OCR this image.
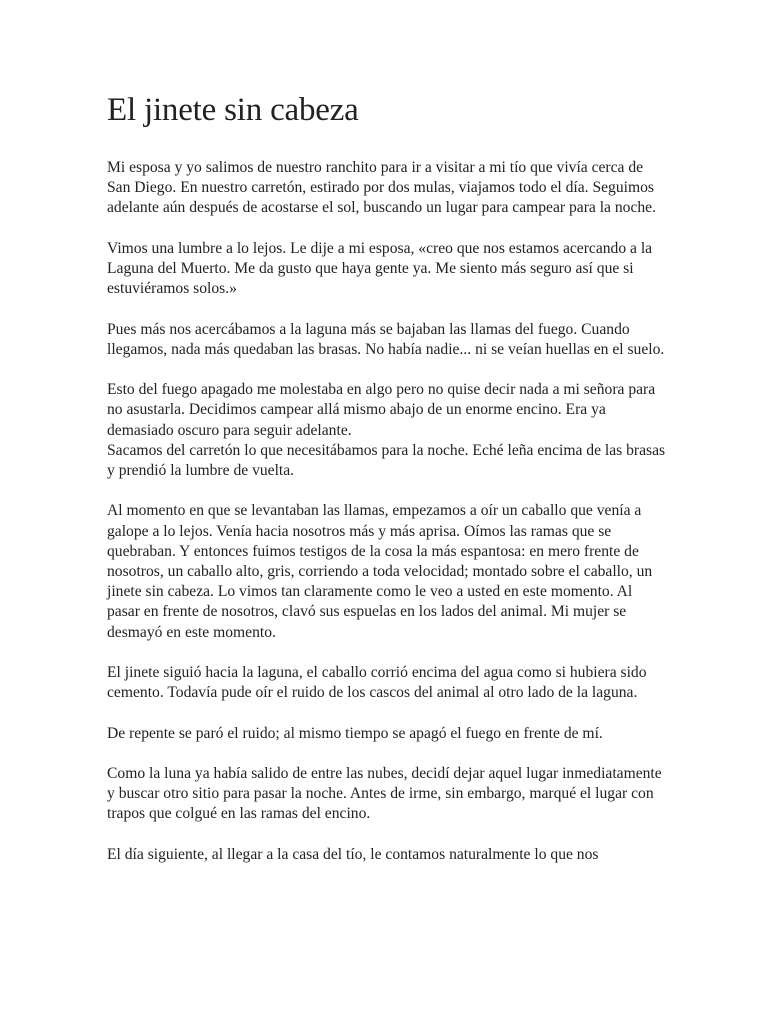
El jinete sin cabeza

Mi esposa y yo salimos de nuestro ranchito para ir a visitar a mi tío que vivía cerca de San Diego. En nuestro carretón, estirado por dos mulas, viajamos todo el día. Seguimos adelante aún después de acostarse el sol, buscando un lugar para campear para la noche.

Vimos una lumbre a lo lejos. Le dije a mi esposa, «creo que nos estamos acercando a la Laguna del Muerto. Me da gusto que haya gente ya. Me siento más seguro así que si estuviéramos solos.»

Pues más nos acercábamos a la laguna más se bajaban las llamas del fuego. Cuando llegamos, nada más quedaban las brasas. No había nadie... ni se veían huellas en el suelo.

Esto del fuego apagado me molestaba en algo pero no quise decir nada a mi señora para no asustarla. Decidimos campear allá mismo abajo de un enorme encino. Era ya demasiado oscuro para seguir adelante.

Sacamos del carretón lo que necesitábamos para la noche. Eché leña encima de las brasas y prendió la lumbre de vuelta.

Al momento en que se levantaban las llamas, empezamos a oír un caballo que venía a galope a lo lejos. Venía hacia nosotros más y más aprisa. Oímos las ramas que se quebraban. Y entonces fuimos testigos de la cosa la más espantosa: en mero frente de nosotros, un caballo alto, gris, corriendo a toda velocidad; montado sobre el caballo, un jinete sin cabeza. Lo vimos tan claramente como le veo a usted en este momento. Al pasar en frente de nosotros, clavó sus espuelas en los lados del animal. Mi mujer se desmayó en este momento.

El jinete siguió hacia la laguna, el caballo corrió encima del agua como si hubiera sido cemento. Todavía pude oír el ruido de los cascos del animal al otro lado de la laguna.

De repente se paró el ruido; al mismo tiempo se apagó el fuego en frente de mí.

Como la luna ya había salido de entre las nubes, decidí dejar aquel lugar inmediatamente y buscar otro sitio para pasar la noche. Antes de irme, sin embargo, marqué el lugar con trapos que colgué en las ramas del encino.

El día siguiente, al llegar a la casa del tío, le contamos naturalmente lo que nos
